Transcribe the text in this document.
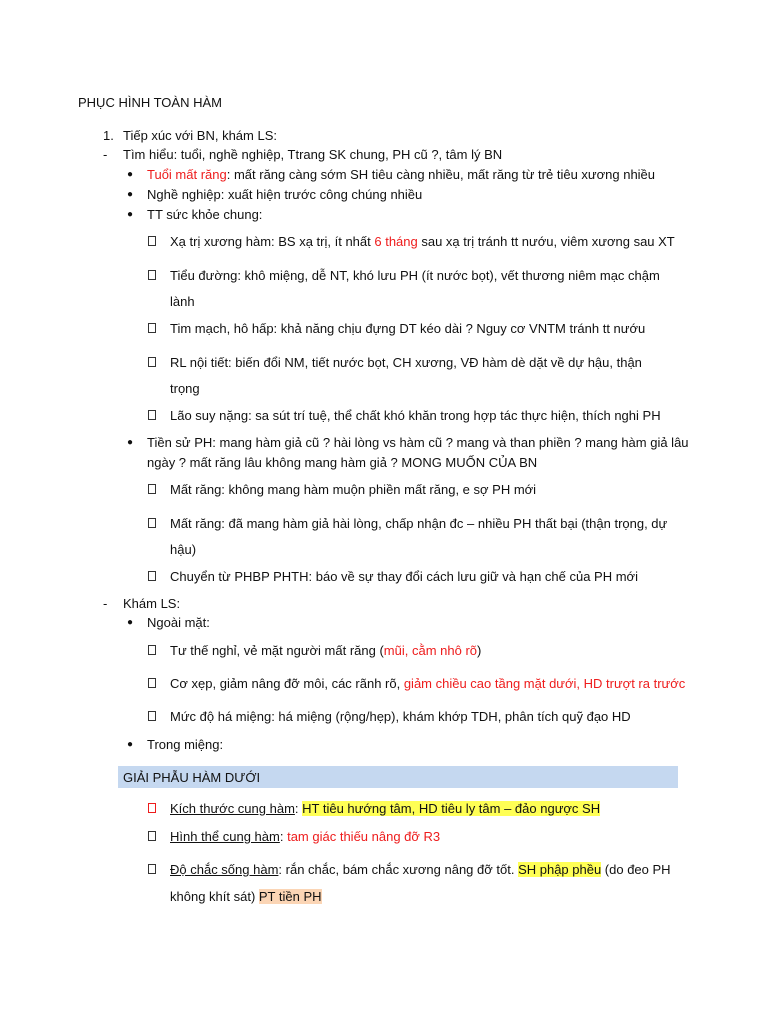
PHỤC HÌNH TOÀN HÀM
1. Tiếp xúc với BN, khám LS:
- Tìm hiểu: tuổi, nghề nghiệp, Ttrang SK chung, PH cũ ?, tâm lý BN
● Tuổi mất răng: mất răng càng sớm SH tiêu càng nhiều, mất răng từ trẻ tiêu xương nhiều
● Nghề nghiệp: xuất hiện trước công chúng nhiều
● TT sức khỏe chung:
Xạ trị xương hàm: BS xạ trị, ít nhất 6 tháng sau xạ trị tránh tt nướu, viêm xương sau XT
Tiểu đường: khô miệng, dễ NT, khó lưu PH (ít nước bọt), vết thương niêm mạc chậm
lành
Tim mạch, hô hấp: khả năng chịu đựng DT kéo dài ? Nguy cơ VNTM tránh tt nướu
RL nội tiết: biến đổi NM, tiết nước bọt, CH xương, VĐ hàm dè dặt về dự hậu, thận
trọng
Lão suy nặng: sa sút trí tuệ, thể chất khó khăn trong hợp tác thực hiện, thích nghi PH
● Tiền sử PH: mang hàm giả cũ ? hài lòng vs hàm cũ ? mang và than phiền ? mang hàm giả lâu
ngày ? mất răng lâu không mang hàm giả ? MONG MUỐN CỦA BN
Mất răng: không mang hàm muộn phiền mất răng, e sợ PH mới
Mất răng: đã mang hàm giả hài lòng, chấp nhận đc – nhiều PH thất bại (thận trọng, dự
hậu)
Chuyển từ PHBP PHTH: báo về sự thay đổi cách lưu giữ và hạn chế của PH mới
- Khám LS:
● Ngoài mặt:
Tư thế nghỉ, vẻ mặt người mất răng (mũi, cằm nhô rõ)
Cơ xẹp, giảm nâng đỡ môi, các rãnh rõ, giảm chiều cao tầng mặt dưới, HD trượt ra trước
Mức độ há miệng: há miệng (rộng/hẹp), khám khớp TDH, phân tích quỹ đạo HD
● Trong miệng:
GIẢI PHẪU HÀM DƯỚI
Kích thước cung hàm: HT tiêu hướng tâm, HD tiêu ly tâm – đảo ngược SH
Hình thể cung hàm: tam giác thiếu nâng đỡ R3
Độ chắc sống hàm: rắn chắc, bám chắc xương nâng đỡ tốt. SH phập phều (do đeo PH
không khít sát) PT tiền PH
